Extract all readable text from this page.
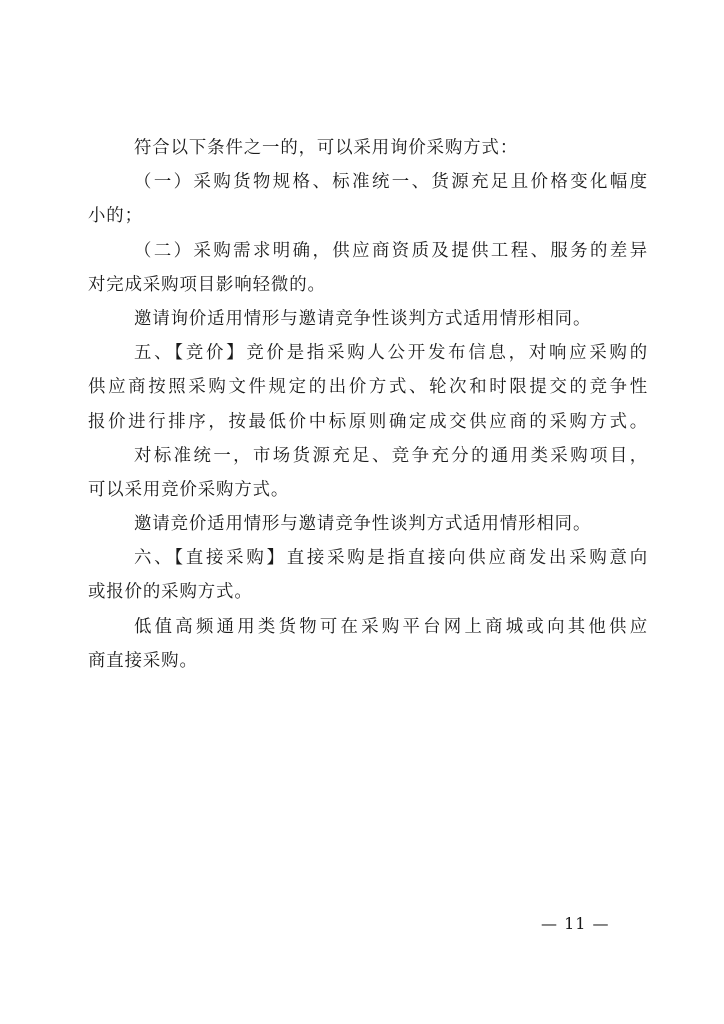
符合以下条件之一的，可以采用询价采购方式：
（一）采购货物规格、标准统一、货源充足且价格变化幅度
小的；
（二）采购需求明确，供应商资质及提供工程、服务的差异
对完成采购项目影响轻微的。
邀请询价适用情形与邀请竞争性谈判方式适用情形相同。
五、【竞价】竞价是指采购人公开发布信息，对响应采购的
供应商按照采购文件规定的出价方式、轮次和时限提交的竞争性
报价进行排序，按最低价中标原则确定成交供应商的采购方式。
对标准统一，市场货源充足、竞争充分的通用类采购项目，
可以采用竞价采购方式。
邀请竞价适用情形与邀请竞争性谈判方式适用情形相同。
六、【直接采购】直接采购是指直接向供应商发出采购意向
或报价的采购方式。
低值高频通用类货物可在采购平台网上商城或向其他供应
商直接采购。
— 11 —
